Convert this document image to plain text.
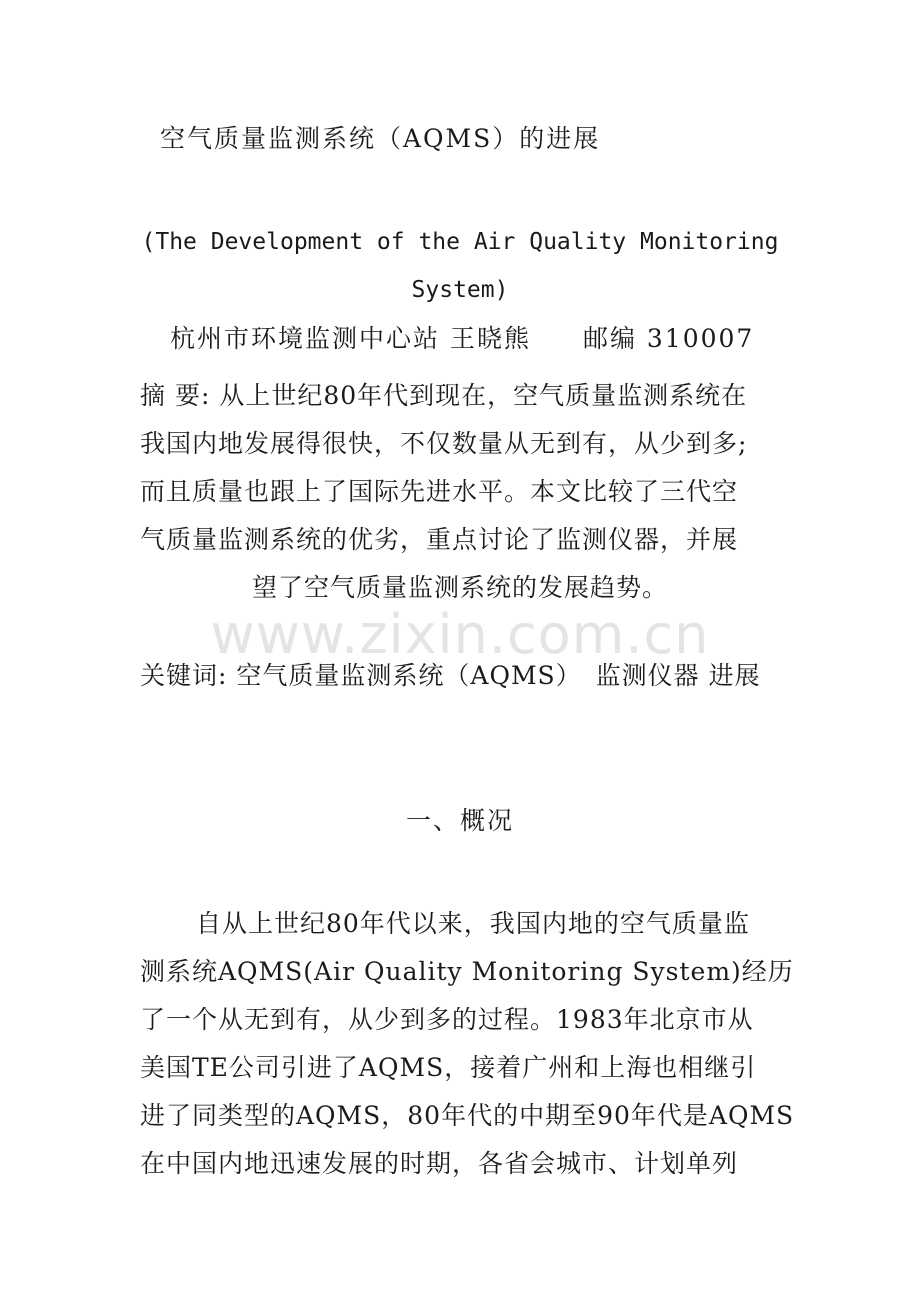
空气质量监测系统（AQMS）的进展
(The Development of the Air Quality Monitoring System)
杭州市环境监测中心站 王晓熊 邮编 310007
摘 要: 从上世纪80年代到现在，空气质量监测系统在
我国内地发展得很快，不仅数量从无到有，从少到多;
而且质量也跟上了国际先进水平。本文比较了三代空
气质量监测系统的优劣，重点讨论了监测仪器，并展
望了空气质量监测系统的发展趋势。
www.zixin.com.cn
关键词: 空气质量监测系统（AQMS） 监测仪器 进展
一、概况
自从上世纪80年代以来，我国内地的空气质量监
测系统AQMS(Air Quality Monitoring System)经历
了一个从无到有，从少到多的过程。1983年北京市从
美国TE公司引进了AQMS，接着广州和上海也相继引
进了同类型的AQMS，80年代的中期至90年代是AQMS
在中国内地迅速发展的时期，各省会城市、计划单列
